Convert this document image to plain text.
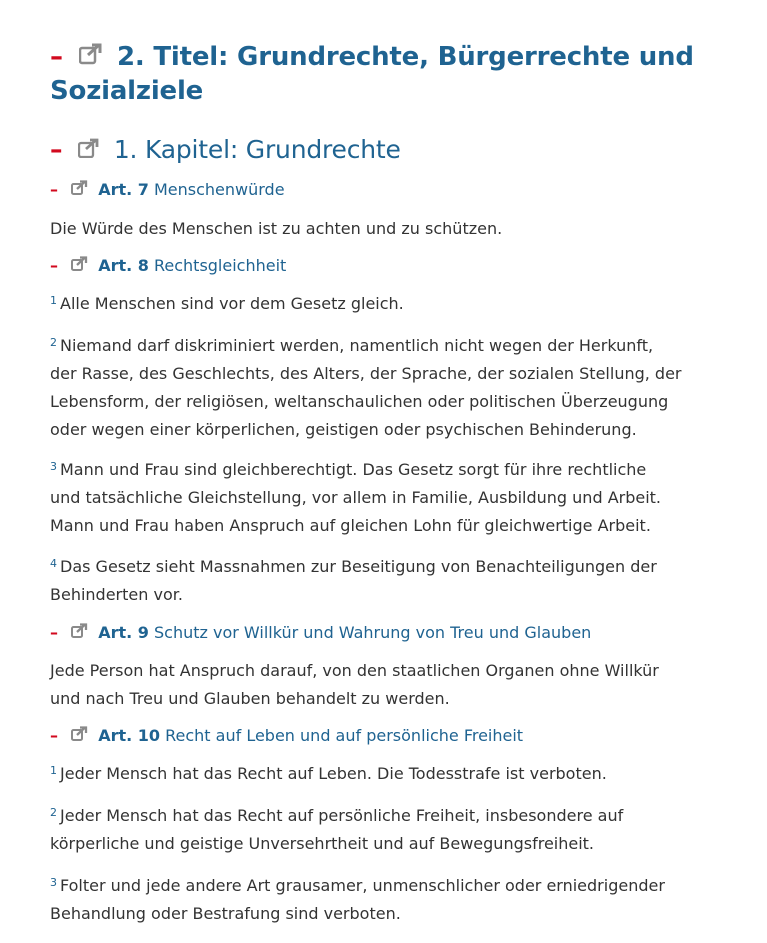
– 2. Titel: Grundrechte, Bürgerrechte und
Sozialziele
– 1. Kapitel: Grundrechte
–	Art. 7 Menschenwürde
Die Würde des Menschen ist zu achten und zu schützen.
–	Art. 8 Rechtsgleichheit
$^1$ Alle Menschen sind vor dem Gesetz gleich.
$^2$ Niemand darf diskriminiert werden, namentlich nicht wegen der Herkunft,
der Rasse, des Geschlechts, des Alters, der Sprache, der sozialen Stellung, der
Lebensform, der religiösen, weltanschaulichen oder politischen Überzeugung
oder wegen einer körperlichen, geistigen oder psychischen Behinderung.
$^3$ Mann und Frau sind gleichberechtigt. Das Gesetz sorgt für ihre rechtliche
und tatsächliche Gleichstellung, vor allem in Familie, Ausbildung und Arbeit.
Mann und Frau haben Anspruch auf gleichen Lohn für gleichwertige Arbeit.
$^4$ Das Gesetz sieht Massnahmen zur Beseitigung von Benachteiligungen der
Behinderten vor.
–	Art. 9 Schutz vor Willkür und Wahrung von Treu und Glauben
Jede Person hat Anspruch darauf, von den staatlichen Organen ohne Willkür
und nach Treu und Glauben behandelt zu werden.
–	Art. 10 Recht auf Leben und auf persönliche Freiheit
$^1$ Jeder Mensch hat das Recht auf Leben. Die Todesstrafe ist verboten.
$^2$ Jeder Mensch hat das Recht auf persönliche Freiheit, insbesondere auf
körperliche und geistige Unversehrtheit und auf Bewegungsfreiheit.
$^3$ Folter und jede andere Art grausamer, unmenschlicher oder erniedrigender
Behandlung oder Bestrafung sind verboten.
